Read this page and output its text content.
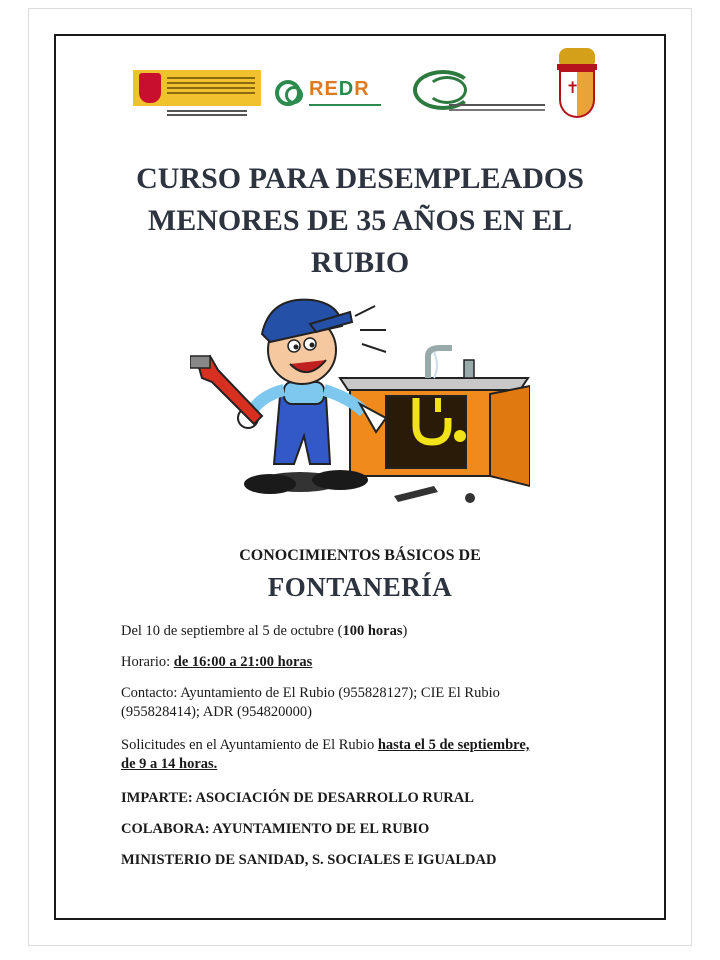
REDR	✝
CURSO PARA DESEMPLEADOS
MENORES DE 35 AÑOS EN EL
RUBIO
CONOCIMIENTOS BÁSICOS DE
FONTANERÍA
Del 10 de septiembre al 5 de octubre (100 horas)
Horario: de 16:00 a 21:00 horas
Contacto: Ayuntamiento de El Rubio (955828127); CIE El Rubio
(955828414); ADR (954820000)
Solicitudes en el Ayuntamiento de El Rubio hasta el 5 de septiembre,
de 9 a 14 horas.
IMPARTE: ASOCIACIÓN DE DESARROLLO RURAL
COLABORA: AYUNTAMIENTO DE EL RUBIO
MINISTERIO DE SANIDAD, S. SOCIALES E IGUALDAD
